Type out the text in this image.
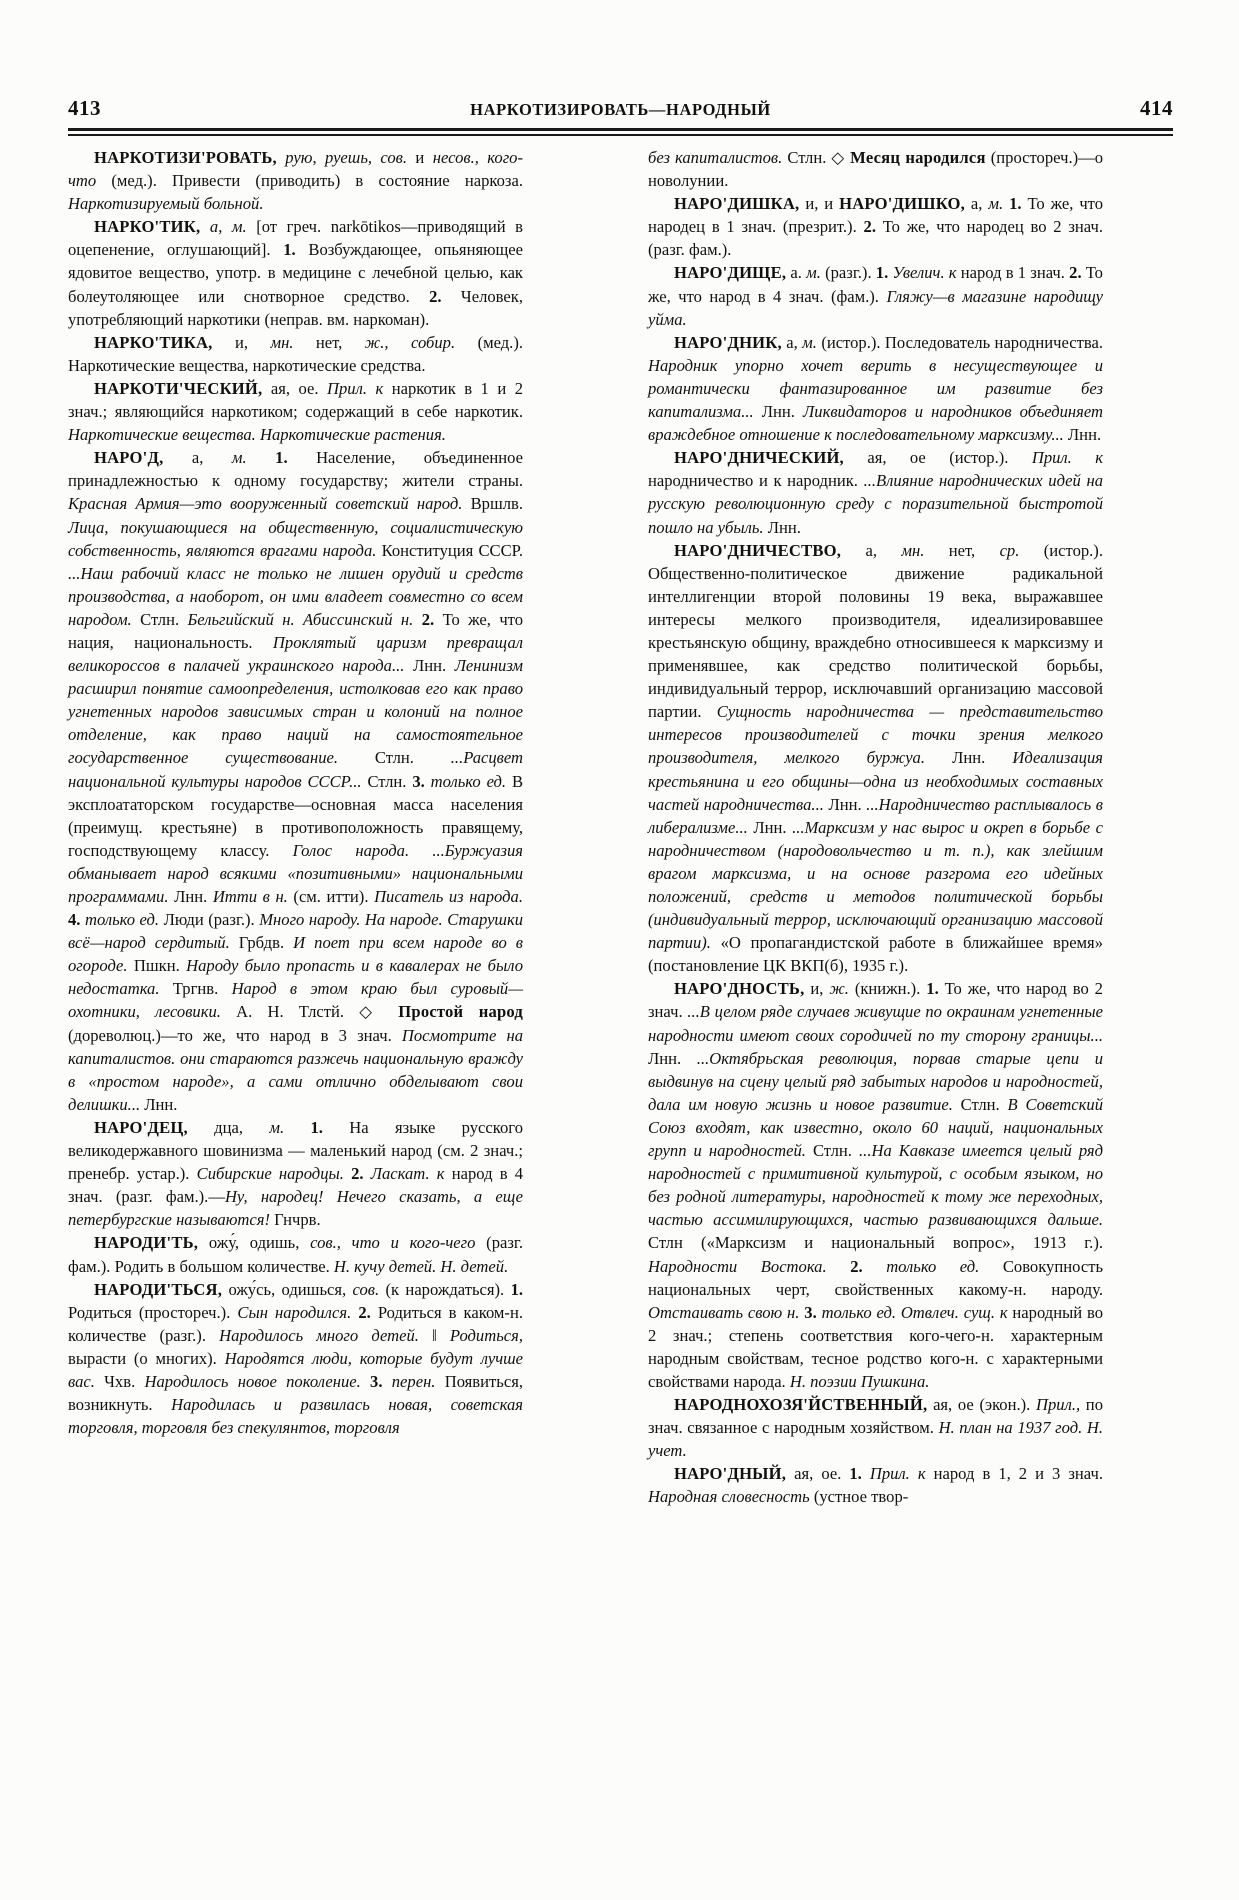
413	НАРКОТИЗИРОВАТЬ—НАРОДНЫЙ	414

НАРКОТИЗИ'РОВАТЬ, рую, руешь, сов. и несов., кого-что (мед.). Привести (приводить) в состояние наркоза. Наркотизируемый больной.

НАРКО'ТИК, а, м. [от греч. narkōtikos—приводящий в оцепенение, оглушающий]. 1. Возбуждающее, опьяняющее ядовитое вещество, употр. в медицине с лечебной целью, как болеутоляющее или снотворное средство. 2. Человек, употребляющий наркотики (неправ. вм. наркоман).

НАРКО'ТИКА, и, мн. нет, ж., собир. (мед.). Наркотические вещества, наркотические средства.

НАРКОТИ'ЧЕСКИЙ, ая, ое. Прил. к наркотик в 1 и 2 знач.; являющийся наркотиком; содержащий в себе наркотик. Наркотические вещества. Наркотические растения.

НАРО'Д, а, м. 1. Население, объединенное принадлежностью к одному государству; жители страны. Красная Армия—это вооруженный советский народ. Вршлв. Лица, покушающиеся на общественную, социалистическую собственность, являются врагами народа. Конституция СССР. ...Наш рабочий класс не только не лишен орудий и средств производства, а наоборот, он ими владеет совместно со всем народом. Стлн. Бельгийский н. Абиссинский н. 2. То же, что нация, национальность. Проклятый царизм превращал великороссов в палачей украинского народа... Лнн. Ленинизм расширил понятие самоопределения, истолковав его как право угнетенных народов зависимых стран и колоний на полное отделение, как право наций на самостоятельное государственное существование. Стлн. ...Расцвет национальной культуры народов СССР... Стлн. 3. только ед. В эксплоататорском государстве—основная масса населения (преимущ. крестьяне) в противоположность правящему, господствующему классу. Голос народа. ...Буржуазия обманывает народ всякими «позитивными» национальными программами. Лнн. Итти в н. (см. итти). Писатель из народа. 4. только ед. Люди (разг.). Много народу. На народе. Старушки всё—народ сердитый. Грбдв. И поет при всем народе во в огороде. Пшкн. Народу было пропасть и в кавалерах не было недостатка. Тргнв. Народ в этом краю был суровый—охотники, лесовики. А. Н. Тлстй. ◇ Простой народ (дореволюц.)—то же, что народ в 3 знач. Посмотрите на капиталистов. они стараются разжечь национальную вражду в «простом народе», а сами отлично обделывают свои делишки... Лнн.

НАРО'ДЕЦ, дца, м. 1. На языке русского великодержавного шовинизма — маленький народ (см. 2 знач.; пренебр. устар.). Сибирские народцы. 2. Ласкат. к народ в 4 знач. (разг. фам.).—Ну, народец! Нечего сказать, а еще петербургские называются! Гнчрв.

НАРОДИ'ТЬ, ожу́, одишь, сов., что и кого-чего (разг. фам.). Родить в большом количестве. Н. кучу детей. Н. детей.

НАРОДИ'ТЬСЯ, ожу́сь, одишься, сов. (к нарождаться). 1. Родиться (простореч.). Сын народился. 2. Родиться в каком-н. количестве (разг.). Народилось много детей. ‖ Родиться, вырасти (о многих). Народятся люди, которые будут лучше вас. Чхв. Народилось новое поколение. 3. перен. Появиться, возникнуть. Народилась и развилась новая, советская торговля, торговля без спекулянтов, торговля

без капиталистов. Стлн. ◇ Месяц народился (простореч.)—о новолунии.

НАРО'ДИШКА, и, и НАРО'ДИШКО, а, м. 1. То же, что народец в 1 знач. (презрит.). 2. То же, что народец во 2 знач. (разг. фам.).

НАРО'ДИЩЕ, а. м. (разг.). 1. Увелич. к народ в 1 знач. 2. То же, что народ в 4 знач. (фам.). Гляжу—в магазине народищу уйма.

НАРО'ДНИК, а, м. (истор.). Последователь народничества. Народник упорно хочет верить в несуществующее и романтически фантазированное им развитие без капитализма... Лнн. Ликвидаторов и народников объединяет враждебное отношение к последовательному марксизму... Лнн.

НАРО'ДНИЧЕСКИЙ, ая, ое (истор.). Прил. к народничество и к народник. ...Влияние народнических идей на русскую революционную среду с поразительной быстротой пошло на убыль. Лнн.

НАРО'ДНИЧЕСТВО, а, мн. нет, ср. (истор.). Общественно-политическое движение радикальной интеллигенции второй половины 19 века, выражавшее интересы мелкого производителя, идеализировавшее крестьянскую общину, враждебно относившееся к марксизму и применявшее, как средство политической борьбы, индивидуальный террор, исключавший организацию массовой партии. Сущность народничества — представительство интересов производителей с точки зрения мелкого производителя, мелкого буржуа. Лнн. Идеализация крестьянина и его общины—одна из необходимых составных частей народничества... Лнн. ...Народничество расплывалось в либерализме... Лнн. ...Марксизм у нас вырос и окреп в борьбе с народничеством (народовольчество и т. п.), как злейшим врагом марксизма, и на основе разгрома его идейных положений, средств и методов политической борьбы (индивидуальный террор, исключающий организацию массовой партии). «О пропагандистской работе в ближайшее время» (постановление ЦК ВКП(б), 1935 г.).

НАРО'ДНОСТЬ, и, ж. (книжн.). 1. То же, что народ во 2 знач. ...В целом ряде случаев живущие по окраинам угнетенные народности имеют своих сородичей по ту сторону границы... Лнн. ...Октябрьская революция, порвав старые цепи и выдвинув на сцену целый ряд забытых народов и народностей, дала им новую жизнь и новое развитие. Стлн. В Советский Союз входят, как известно, около 60 наций, национальных групп и народностей. Стлн. ...На Кавказе имеется целый ряд народностей с примитивной культурой, с особым языком, но без родной литературы, народностей к тому же переходных, частью ассимилирующихся, частью развивающихся дальше. Стлн («Марксизм и национальный вопрос», 1913 г.). Народности Востока. 2. только ед. Совокупность национальных черт, свойственных какому-н. народу. Отстаивать свою н. 3. только ед. Отвлеч. сущ. к народный во 2 знач.; степень соответствия кого-чего-н. характерным народным свойствам, тесное родство кого-н. с характерными свойствами народа. Н. поэзии Пушкина.

НАРОДНОХОЗЯ'ЙСТВЕННЫЙ, ая, ое (экон.). Прил., по знач. связанное с народным хозяйством. Н. план на 1937 год. Н. учет.

НАРО'ДНЫЙ, ая, ое. 1. Прил. к народ в 1, 2 и 3 знач. Народная словесность (устное твор-
